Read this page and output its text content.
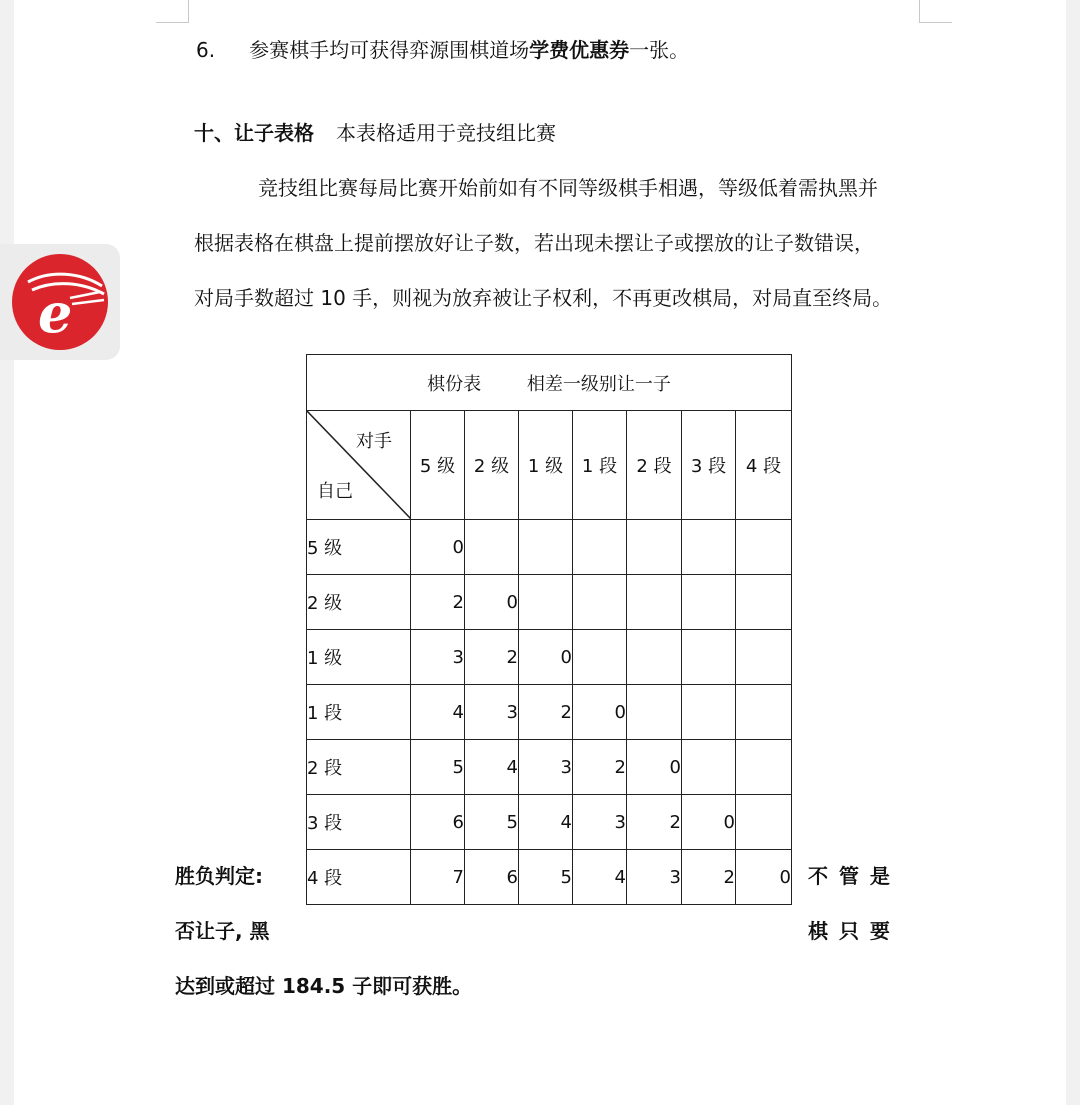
6. 参赛棋手均可获得弈源围棋道场学费优惠券一张。
十、让子表格 本表格适用于竞技组比赛
竞技组比赛每局比赛开始前如有不同等级棋手相遇，等级低着需执黑并
根据表格在棋盘上提前摆放好让子数，若出现未摆让子或摆放的让子数错误，
对局手数超过 10 手，则视为放弃被让子权利，不再更改棋局，对局直至终局。
e
棋份表        相差一级别让一子							

对手
自己	5 级	2 级	1 级	1 段	2 段	3 段	4 段
5 级	0						
2 级	2	0					
1 级	3	2	0				
1 段	4	3	2	0			
2 段	5	4	3	2	0		
3 段	6	5	4	3	2	0	
4 段	7	6	5	4	3	2	0
胜负判定:	不 管 是
否让子, 黑	棋 只 要
达到或超过 184.5 子即可获胜。
